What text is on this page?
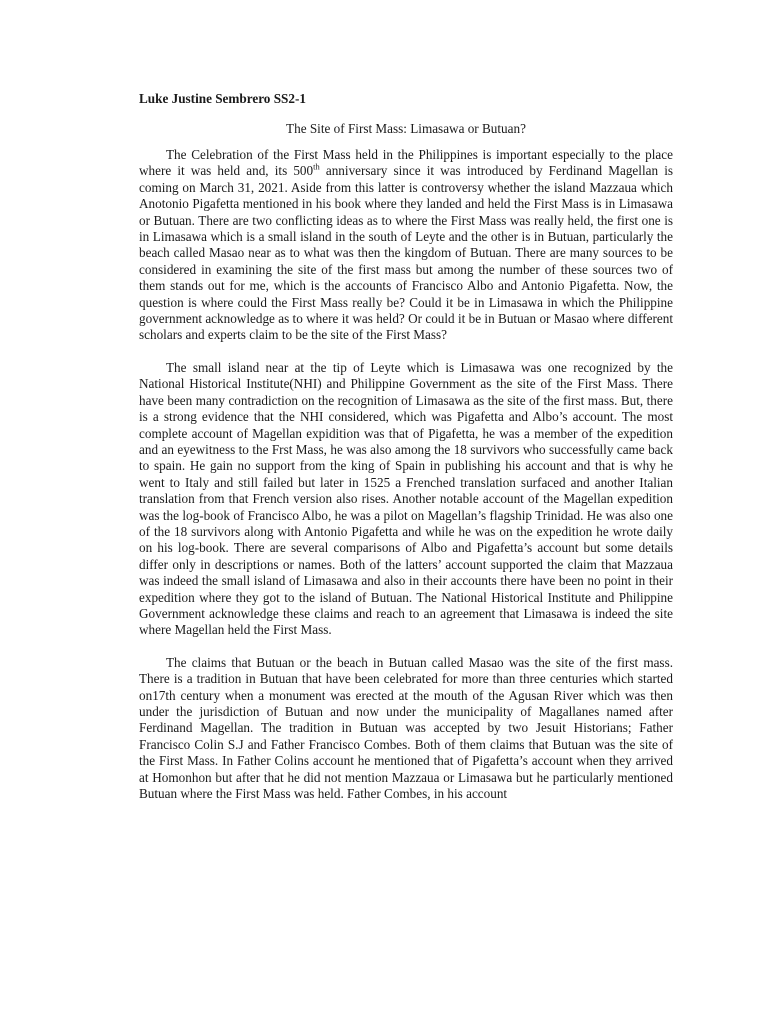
Luke Justine Sembrero SS2-1
The Site of First Mass: Limasawa or Butuan?

The Celebration of the First Mass held in the Philippines is important especially to the place where it was held and, its 500th anniversary since it was introduced by Ferdinand Magellan is coming on March 31, 2021. Aside from this latter is controversy whether the island Mazzaua which Anotonio Pigafetta mentioned in his book where they landed and held the First Mass is in Limasawa or Butuan. There are two conflicting ideas as to where the First Mass was really held, the first one is in Limasawa which is a small island in the south of Leyte and the other is in Butuan, particularly the beach called Masao near as to what was then the kingdom of Butuan. There are many sources to be considered in examining the site of the first mass but among the number of these sources two of them stands out for me, which is the accounts of Francisco Albo and Antonio Pigafetta. Now, the question is where could the First Mass really be? Could it be in Limasawa in which the Philippine government acknowledge as to where it was held? Or could it be in Butuan or Masao where different scholars and experts claim to be the site of the First Mass?

The small island near at the tip of Leyte which is Limasawa was one recognized by the National Historical Institute(NHI) and Philippine Government as the site of the First Mass. There have been many contradiction on the recognition of Limasawa as the site of the first mass. But, there is a strong evidence that the NHI considered, which was Pigafetta and Albo’s account. The most complete account of Magellan expidition was that of Pigafetta, he was a member of the expedition and an eyewitness to the Frst Mass, he was also among the 18 survivors who successfully came back to spain. He gain no support from the king of Spain in publishing his account and that is why he went to Italy and still failed but later in 1525 a Frenched translation surfaced and another Italian translation from that French version also rises. Another notable account of the Magellan expedition was the log-book of Francisco Albo, he was a pilot on Magellan’s flagship Trinidad. He was also one of the 18 survivors along with Antonio Pigafetta and while he was on the expedition he wrote daily on his log-book. There are several comparisons of Albo and Pigafetta’s account but some details differ only in descriptions or names. Both of the latters’ account supported the claim that Mazzaua was indeed the small island of Limasawa and also in their accounts there have been no point in their expedition where they got to the island of Butuan. The National Historical Institute and Philippine Government acknowledge these claims and reach to an agreement that Limasawa is indeed the site where Magellan held the First Mass.

The claims that Butuan or the beach in Butuan called Masao was the site of the first mass. There is a tradition in Butuan that have been celebrated for more than three centuries which started on17th century when a monument was erected at the mouth of the Agusan River which was then under the jurisdiction of Butuan and now under the municipality of Magallanes named after Ferdinand Magellan. The tradition in Butuan was accepted by two Jesuit Historians; Father Francisco Colin S.J and Father Francisco Combes. Both of them claims that Butuan was the site of the First Mass. In Father Colins account he mentioned that of Pigafetta’s account when they arrived at Homonhon but after that he did not mention Mazzaua or Limasawa but he particularly mentioned Butuan where the First Mass was held. Father Combes, in his account
